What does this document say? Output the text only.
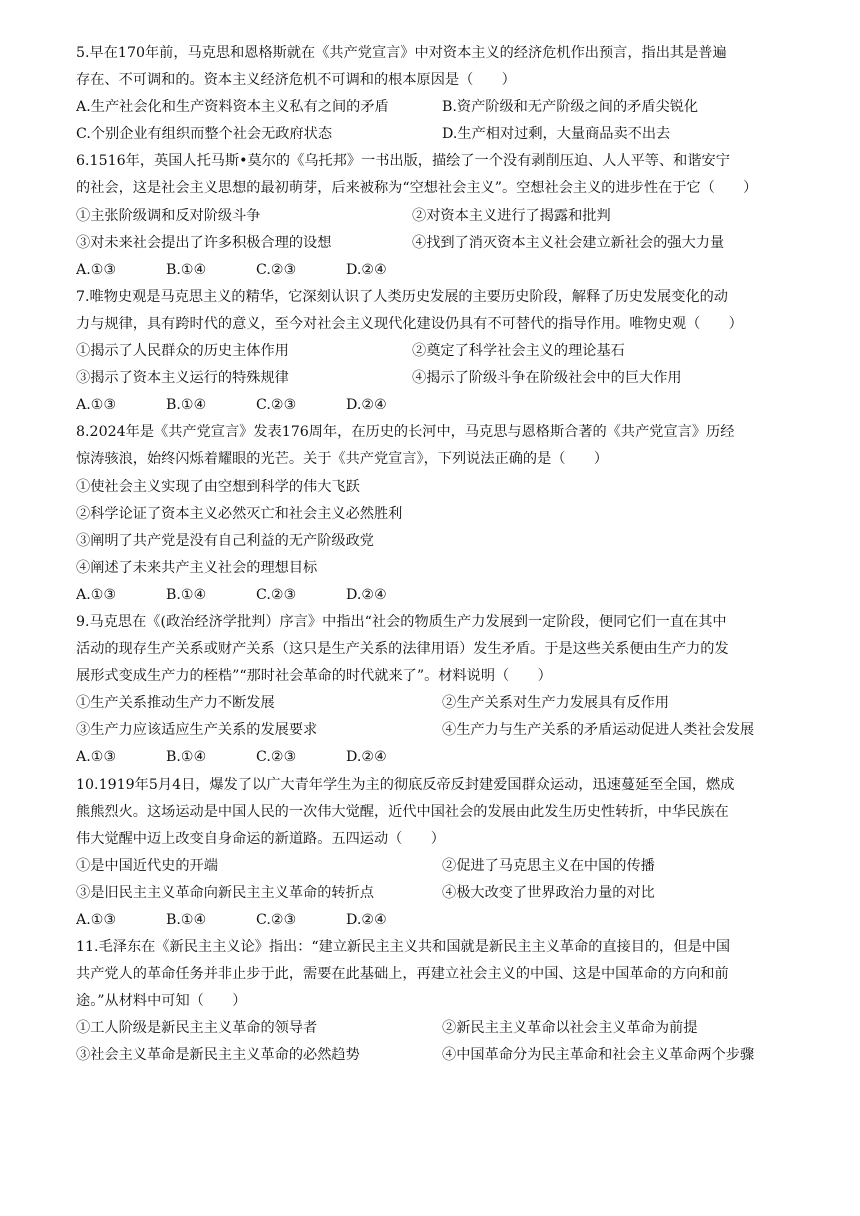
5.早在170年前，马克思和恩格斯就在《共产党宣言》中对资本主义的经济危机作出预言，指出其是普遍
存在、不可调和的。资本主义经济危机不可调和的根本原因是（　　）
A.生产社会化和生产资料资本主义私有之间的矛盾	B.资产阶级和无产阶级之间的矛盾尖锐化
C.个别企业有组织而整个社会无政府状态	D.生产相对过剩，大量商品卖不出去
6.1516年，英国人托马斯•莫尔的《乌托邦》一书出版，描绘了一个没有剥削压迫、人人平等、和谐安宁
的社会，这是社会主义思想的最初萌芽，后来被称为“空想社会主义”。空想社会主义的进步性在于它（　　）
①主张阶级调和反对阶级斗争	②对资本主义进行了揭露和批判
③对未来社会提出了许多积极合理的设想	④找到了消灭资本主义社会建立新社会的强大力量
A.①③	B.①④	C.②③	D.②④
7.唯物史观是马克思主义的精华，它深刻认识了人类历史发展的主要历史阶段，解释了历史发展变化的动
力与规律，具有跨时代的意义，至今对社会主义现代化建设仍具有不可替代的指导作用。唯物史观（　　）
①揭示了人民群众的历史主体作用	②奠定了科学社会主义的理论基石
③揭示了资本主义运行的特殊规律	④揭示了阶级斗争在阶级社会中的巨大作用
A.①③	B.①④	C.②③	D.②④
8.2024年是《共产党宣言》发表176周年，在历史的长河中，马克思与恩格斯合著的《共产党宣言》历经
惊涛骇浪，始终闪烁着耀眼的光芒。关于《共产党宣言》，下列说法正确的是（　　）
①使社会主义实现了由空想到科学的伟大飞跃
②科学论证了资本主义必然灭亡和社会主义必然胜利
③阐明了共产党是没有自己利益的无产阶级政党
④阐述了未来共产主义社会的理想目标
A.①③	B.①④	C.②③	D.②④
9.马克思在《(政治经济学批判）序言》中指出“社会的物质生产力发展到一定阶段，便同它们一直在其中
活动的现存生产关系或财产关系（这只是生产关系的法律用语）发生矛盾。于是这些关系便由生产力的发
展形式变成生产力的桎梏”“那时社会革命的时代就来了”。材料说明（　　）
①生产关系推动生产力不断发展	②生产关系对生产力发展具有反作用
③生产力应该适应生产关系的发展要求	④生产力与生产关系的矛盾运动促进人类社会发展
A.①③	B.①④	C.②③	D.②④
10.1919年5月4日，爆发了以广大青年学生为主的彻底反帝反封建爱国群众运动，迅速蔓延至全国，燃成
熊熊烈火。这场运动是中国人民的一次伟大觉醒，近代中国社会的发展由此发生历史性转折，中华民族在
伟大觉醒中迈上改变自身命运的新道路。五四运动（　　）
①是中国近代史的开端	②促进了马克思主义在中国的传播
③是旧民主主义革命向新民主主义革命的转折点	④极大改变了世界政治力量的对比
A.①③	B.①④	C.②③	D.②④
11.毛泽东在《新民主主义论》指出：“建立新民主主义共和国就是新民主主义革命的直接目的，但是中国
共产党人的革命任务并非止步于此，需要在此基础上，再建立社会主义的中国、这是中国革命的方向和前
途。”从材料中可知（　　）
①工人阶级是新民主主义革命的领导者	②新民主主义革命以社会主义革命为前提
③社会主义革命是新民主主义革命的必然趋势	④中国革命分为民主革命和社会主义革命两个步骤
